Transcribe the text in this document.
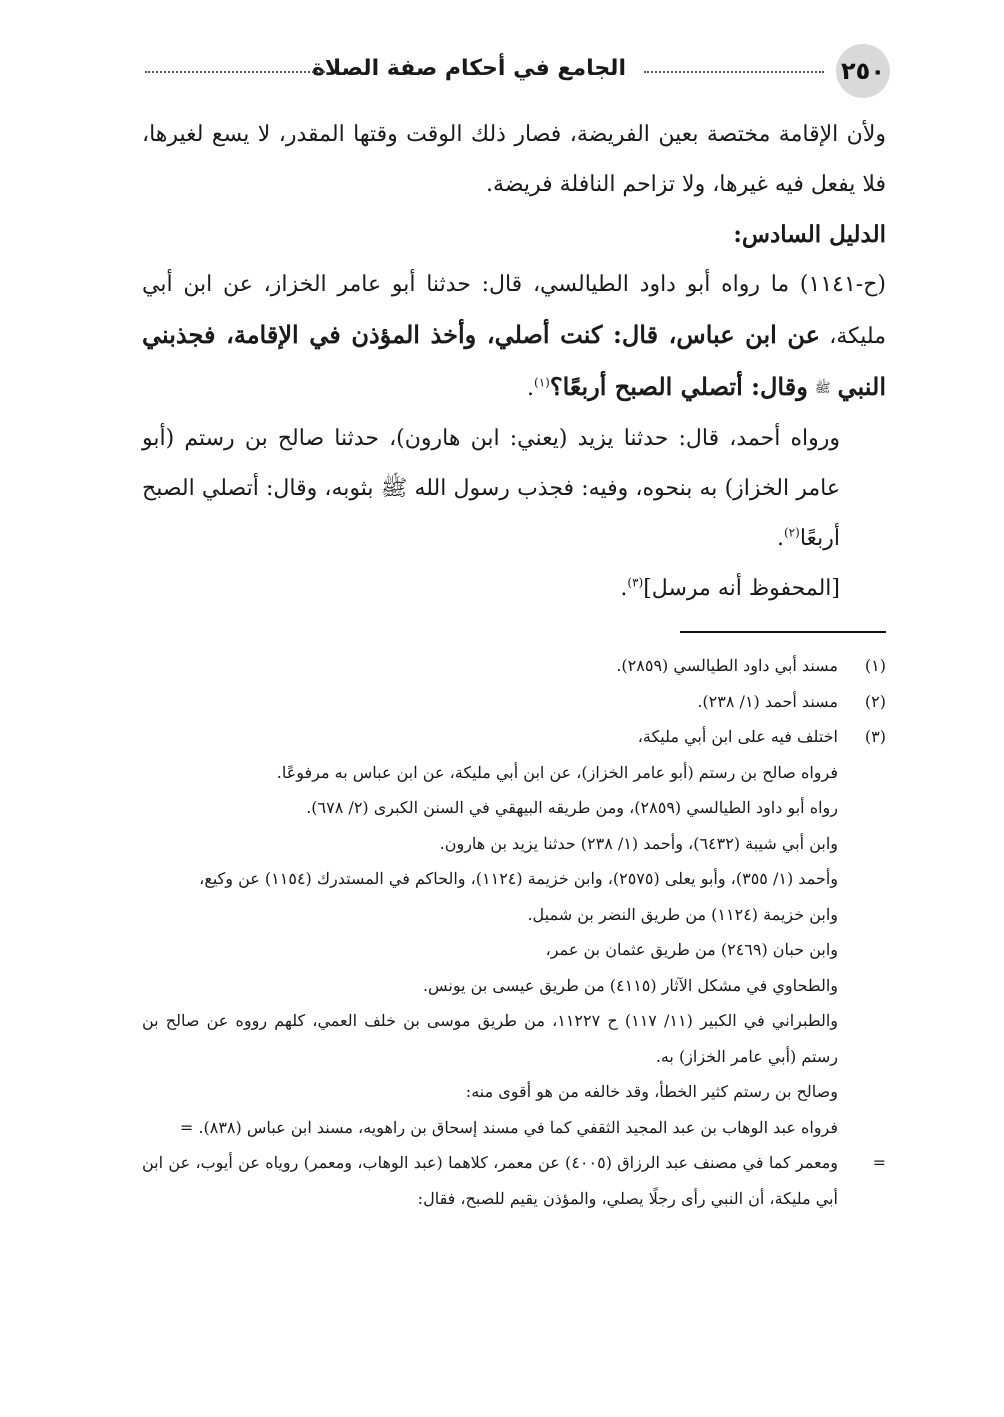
٢٥٠
الجامع في أحكام صفة الصلاة

ولأن الإقامة مختصة بعين الفريضة، فصار ذلك الوقت وقتها المقدر، لا يسع لغيرها، فلا يفعل فيه غيرها، ولا تزاحم النافلة فريضة.

الدليل السادس:

(ح-١١٤١) ما رواه أبو داود الطيالسي، قال: حدثنا أبو عامر الخزاز، عن ابن أبي مليكة، عن ابن عباس، قال: كنت أصلي، وأخذ المؤذن في الإقامة، فجذبني النبي ﷺ وقال: أتصلي الصبح أربعًا؟$^{(١)}$.

ورواه أحمد، قال: حدثنا يزيد (يعني: ابن هارون)، حدثنا صالح بن رستم (أبو عامر الخزاز) به بنحوه، وفيه: فجذب رسول الله ﷺ بثوبه، وقال: أتصلي الصبح أربعًا$^{(٢)}$.

[المحفوظ أنه مرسل]$^{(٣)}$.

(١)
مسند أبي داود الطيالسي (٢٨٥٩).
(٢)
مسند أحمد (١/ ٢٣٨).
(٣)
اختلف فيه على ابن أبي مليكة،

فرواه صالح بن رستم (أبو عامر الخزاز)، عن ابن أبي مليكة، عن ابن عباس به مرفوعًا.

رواه أبو داود الطيالسي (٢٨٥٩)، ومن طريقه البيهقي في السنن الكبرى (٢/ ٦٧٨).

وابن أبي شيبة (٦٤٣٢)، وأحمد (١/ ٢٣٨) حدثنا يزيد بن هارون.

وأحمد (١/ ٣٥٥)، وأبو يعلى (٢٥٧٥)، وابن خزيمة (١١٢٤)، والحاكم في المستدرك (١١٥٤) عن وكيع،

وابن خزيمة (١١٢٤) من طريق النضر بن شميل.

وابن حبان (٢٤٦٩) من طريق عثمان بن عمر،

والطحاوي في مشكل الآثار (٤١١٥) من طريق عيسى بن يونس.

والطبراني في الكبير (١١/ ١١٧) ح ١١٢٢٧، من طريق موسى بن خلف العمي، كلهم رووه عن صالح بن رستم (أبي عامر الخزاز) به.

وصالح بن رستم كثير الخطأ، وقد خالفه من هو أقوى منه:

فرواه عبد الوهاب بن عبد المجيد الثقفي كما في مسند إسحاق بن راهويه، مسند ابن عباس (٨٣٨). =

=
ومعمر كما في مصنف عبد الرزاق (٤٠٠٥) عن معمر، كلاهما (عبد الوهاب، ومعمر) روياه عن أيوب، عن ابن أبي مليكة، أن النبي رأى رجلًا يصلي، والمؤذن يقيم للصبح، فقال:
